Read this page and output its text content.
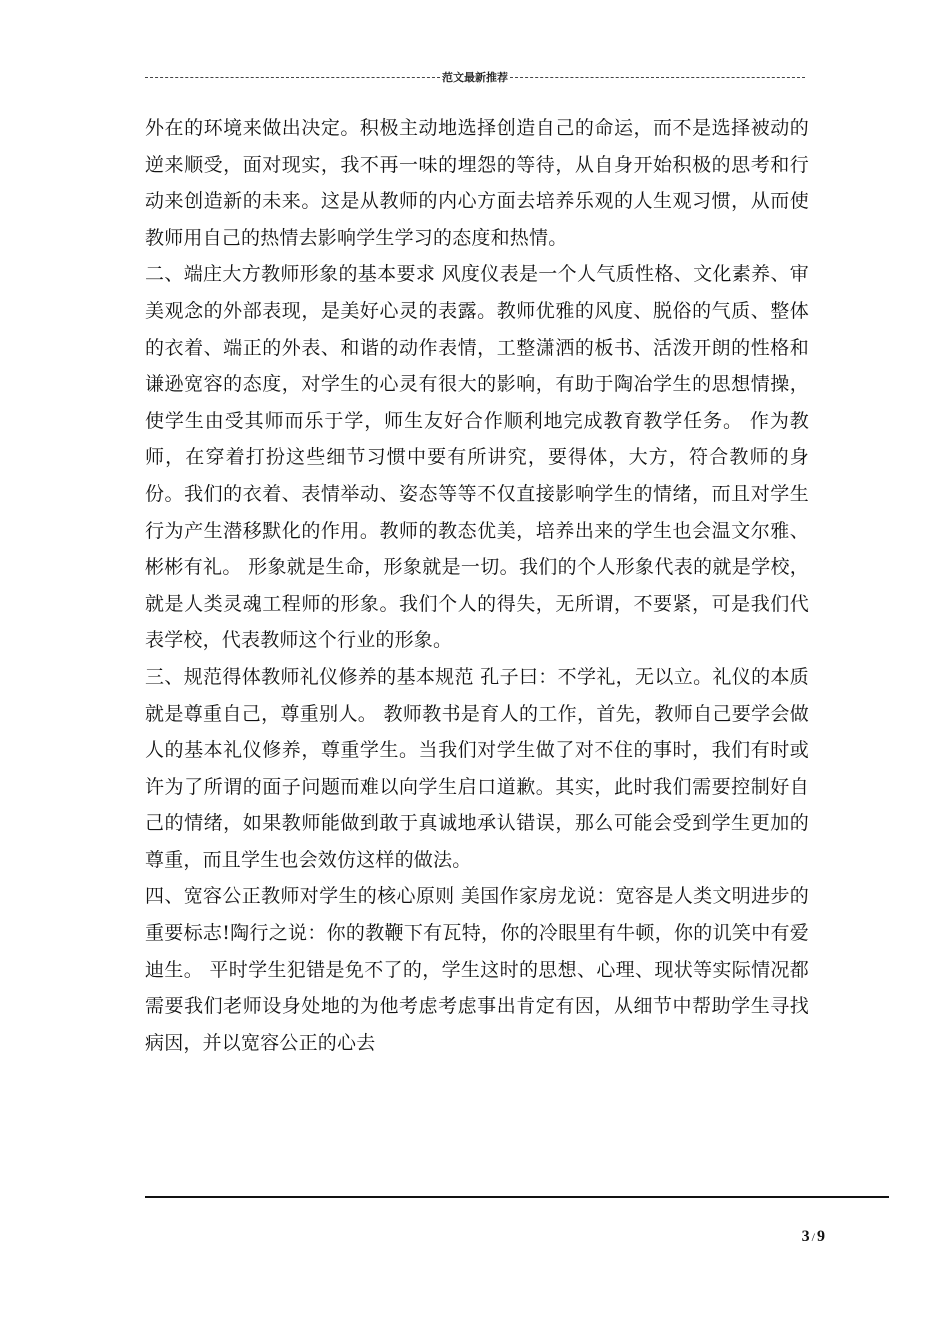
范文最新推荐

外在的环境来做出决定。积极主动地选择创造自己的命运，而不是选择被动的逆来顺受，面对现实，我不再一味的埋怨的等待，从自身开始积极的思考和行动来创造新的未来。这是从教师的内心方面去培养乐观的人生观习惯，从而使教师用自己的热情去影响学生学习的态度和热情。

二、端庄大方教师形象的基本要求 风度仪表是一个人气质性格、文化素养、审美观念的外部表现，是美好心灵的表露。教师优雅的风度、脱俗的气质、整体的衣着、端正的外表、和谐的动作表情，工整潇洒的板书、活泼开朗的性格和谦逊宽容的态度，对学生的心灵有很大的影响，有助于陶冶学生的思想情操，使学生由受其师而乐于学，师生友好合作顺利地完成教育教学任务。 作为教师，在穿着打扮这些细节习惯中要有所讲究，要得体，大方，符合教师的身份。我们的衣着、表情举动、姿态等等不仅直接影响学生的情绪，而且对学生行为产生潜移默化的作用。教师的教态优美，培养出来的学生也会温文尔雅、彬彬有礼。 形象就是生命，形象就是一切。我们的个人形象代表的就是学校，就是人类灵魂工程师的形象。我们个人的得失，无所谓，不要紧，可是我们代表学校，代表教师这个行业的形象。

三、规范得体教师礼仪修养的基本规范 孔子曰：不学礼，无以立。礼仪的本质就是尊重自己，尊重别人。 教师教书是育人的工作，首先，教师自己要学会做人的基本礼仪修养，尊重学生。当我们对学生做了对不住的事时，我们有时或许为了所谓的面子问题而难以向学生启口道歉。其实，此时我们需要控制好自己的情绪，如果教师能做到敢于真诚地承认错误，那么可能会受到学生更加的尊重，而且学生也会效仿这样的做法。

四、宽容公正教师对学生的核心原则 美国作家房龙说：宽容是人类文明进步的重要标志!陶行之说：你的教鞭下有瓦特，你的冷眼里有牛顿，你的讥笑中有爱迪生。 平时学生犯错是免不了的，学生这时的思想、心理、现状等实际情况都需要我们老师设身处地的为他考虑考虑事出肯定有因，从细节中帮助学生寻找病因，并以宽容公正的心去

3 / 9
